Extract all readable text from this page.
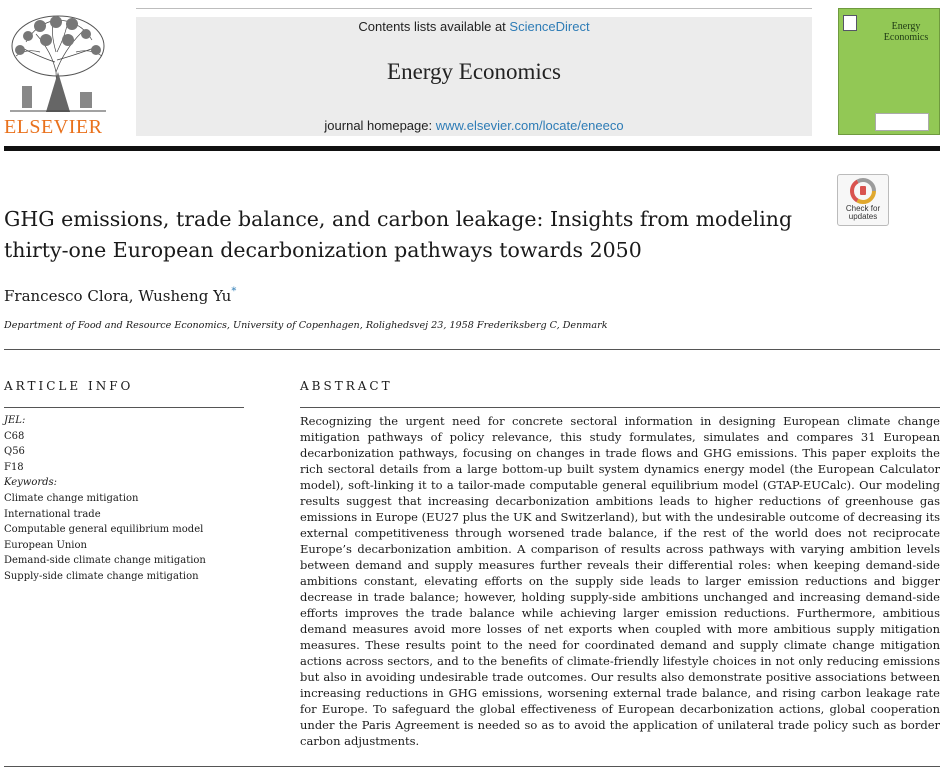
ELSEVIER
Contents lists available at ScienceDirect
Energy Economics
journal homepage: www.elsevier.com/locate/eneeco
Energy
Economics
Check for
updates
GHG emissions, trade balance, and carbon leakage: Insights from modeling
thirty-one European decarbonization pathways towards 2050
Francesco Clora, Wusheng Yu*
Department of Food and Resource Economics, University of Copenhagen, Rolighedsvej 23, 1958 Frederiksberg C, Denmark
ARTICLE INFO
JEL:
C68
Q56
F18
Keywords:
Climate change mitigation
International trade
Computable general equilibrium model
European Union
Demand-side climate change mitigation
Supply-side climate change mitigation
ABSTRACT
Recognizing the urgent need for concrete sectoral information in designing European climate change mitigation pathways of policy relevance, this study formulates, simulates and compares 31 European decarbonization pathways, focusing on changes in trade flows and GHG emissions. This paper exploits the rich sectoral details from a large bottom-up built system dynamics energy model (the European Calculator model), soft-linking it to a tailor-made computable general equilibrium model (GTAP-EUCalc). Our modeling results suggest that increasing decarbonization ambitions leads to higher reductions of greenhouse gas emissions in Europe (EU27 plus the UK and Switzerland), but with the undesirable outcome of decreasing its external competitiveness through worsened trade balance, if the rest of the world does not reciprocate Europe’s decarbonization ambition. A comparison of results across pathways with varying ambition levels between demand and supply measures further reveals their differential roles: when keeping demand-side ambitions constant, elevating efforts on the supply side leads to larger emission reductions and bigger decrease in trade balance; however, holding supply-side ambitions unchanged and increasing demand-side efforts improves the trade balance while achieving larger emission reductions. Furthermore, ambitious demand measures avoid more losses of net exports when coupled with more ambitious supply mitigation measures. These results point to the need for coordinated demand and supply climate change mitigation actions across sectors, and to the benefits of climate-friendly lifestyle choices in not only reducing emissions but also in avoiding undesirable trade outcomes. Our results also demonstrate positive associations between increasing reductions in GHG emissions, worsening external trade balance, and rising carbon leakage rate for Europe. To safeguard the global effectiveness of European decarbonization actions, global cooperation under the Paris Agreement is needed so as to avoid the application of unilateral trade policy such as border carbon adjustments.
